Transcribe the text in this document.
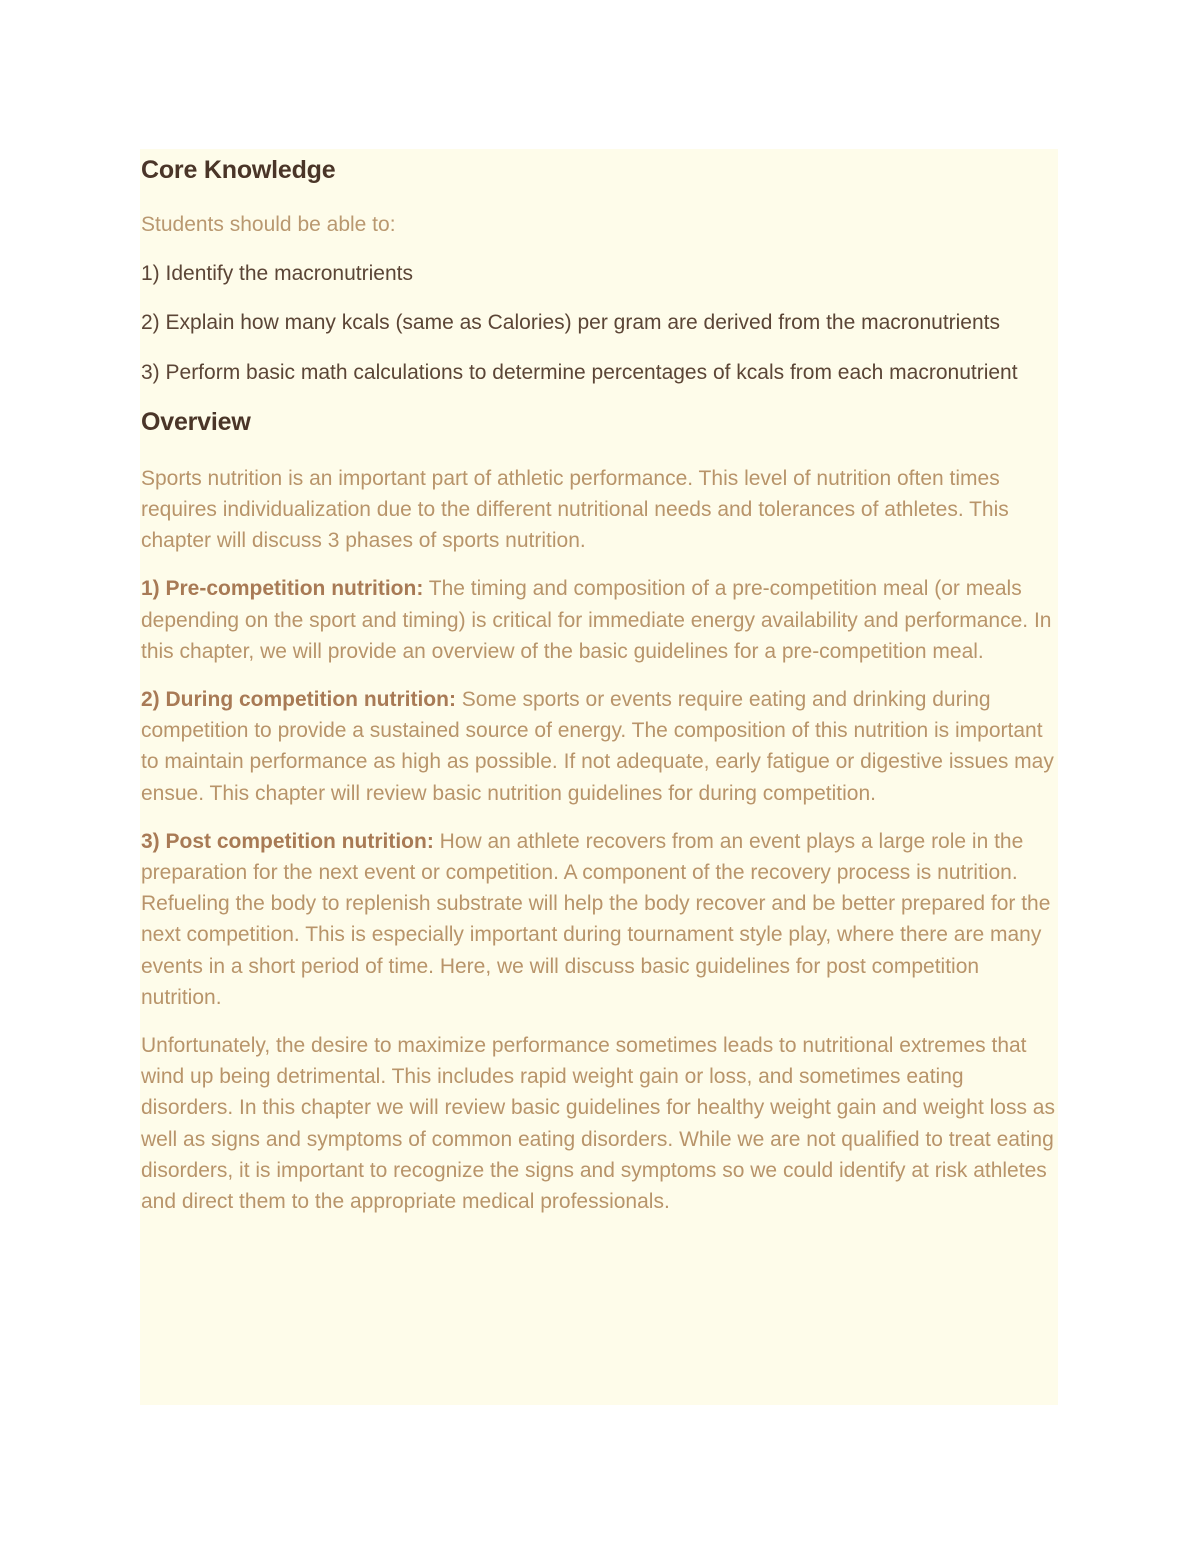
Core Knowledge

Students should be able to:

1) Identify the macronutrients

2) Explain how many kcals (same as Calories) per gram are derived from the macronutrients

3) Perform basic math calculations to determine percentages of kcals from each macronutrient

Overview

Sports nutrition is an important part of athletic performance. This level of nutrition often times requires individualization due to the different nutritional needs and tolerances of athletes. This chapter will discuss 3 phases of sports nutrition.

1) Pre-competition nutrition: The timing and composition of a pre-competition meal (or meals depending on the sport and timing) is critical for immediate energy availability and performance. In this chapter, we will provide an overview of the basic guidelines for a pre-competition meal.

2) During competition nutrition: Some sports or events require eating and drinking during competition to provide a sustained source of energy. The composition of this nutrition is important to maintain performance as high as possible. If not adequate, early fatigue or digestive issues may ensue. This chapter will review basic nutrition guidelines for during competition.

3) Post competition nutrition: How an athlete recovers from an event plays a large role in the preparation for the next event or competition. A component of the recovery process is nutrition. Refueling the body to replenish substrate will help the body recover and be better prepared for the next competition. This is especially important during tournament style play, where there are many events in a short period of time. Here, we will discuss basic guidelines for post competition nutrition.

Unfortunately, the desire to maximize performance sometimes leads to nutritional extremes that wind up being detrimental. This includes rapid weight gain or loss, and sometimes eating disorders. In this chapter we will review basic guidelines for healthy weight gain and weight loss as well as signs and symptoms of common eating disorders. While we are not qualified to treat eating disorders, it is important to recognize the signs and symptoms so we could identify at risk athletes and direct them to the appropriate medical professionals.
